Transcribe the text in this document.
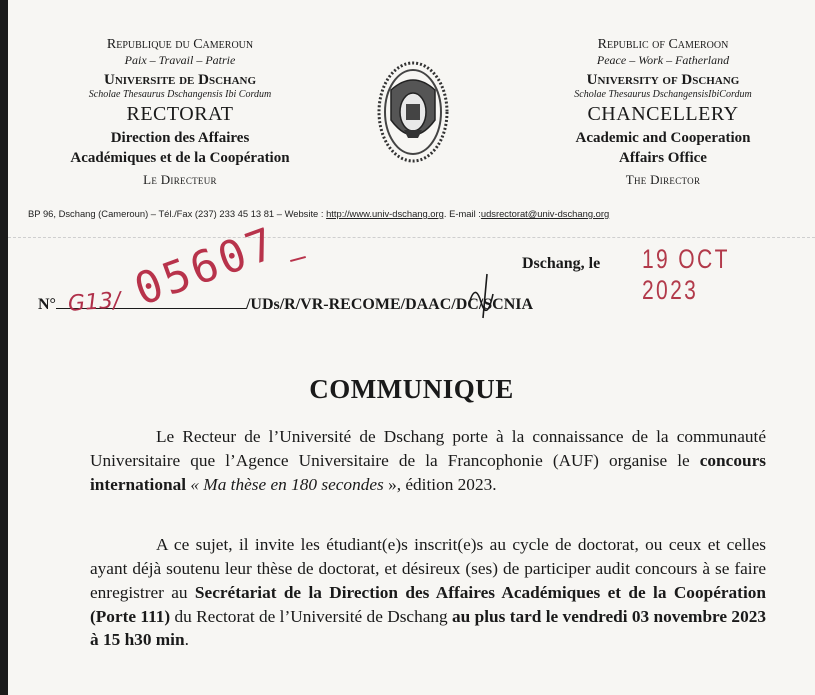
Republique du Cameroun
Paix – Travail – Patrie
Universite de Dschang
Scholae Thesaurus Dschangensis Ibi Cordum
RECTORAT
Direction des Affaires
Académiques et de la Coopération
Le Directeur
Republic of Cameroon
Peace – Work – Fatherland
University of Dschang
Scholae Thesaurus DschangensisIbiCordum
CHANCELLERY
Academic and Cooperation
Affairs Office
The Director
BP 96, Dschang (Cameroun) – Tél./Fax (237) 233 45 13 81 – Website : http://www.univ-dschang.org. E-mail :udsrectorat@univ-dschang.org
Dschang, le 19 OCT 2023
N°	/UDs/R/VR-RECOME/DAAC/DC/SCNIA
G13/ 05607
COMMUNIQUE

Le Recteur de l’Université de Dschang porte à la connaissance de la communauté Universitaire que l’Agence Universitaire de la Francophonie (AUF) organise le concours international « Ma thèse en 180 secondes », édition 2023.

A ce sujet, il invite les étudiant(e)s inscrit(e)s au cycle de doctorat, ou ceux et celles ayant déjà soutenu leur thèse de doctorat, et désireux (ses) de participer audit concours à se faire enregistrer au Secrétariat de la Direction des Affaires Académiques et de la Coopération (Porte 111) du Rectorat de l’Université de Dschang au plus tard le vendredi 03 novembre 2023 à 15 h30 min.
